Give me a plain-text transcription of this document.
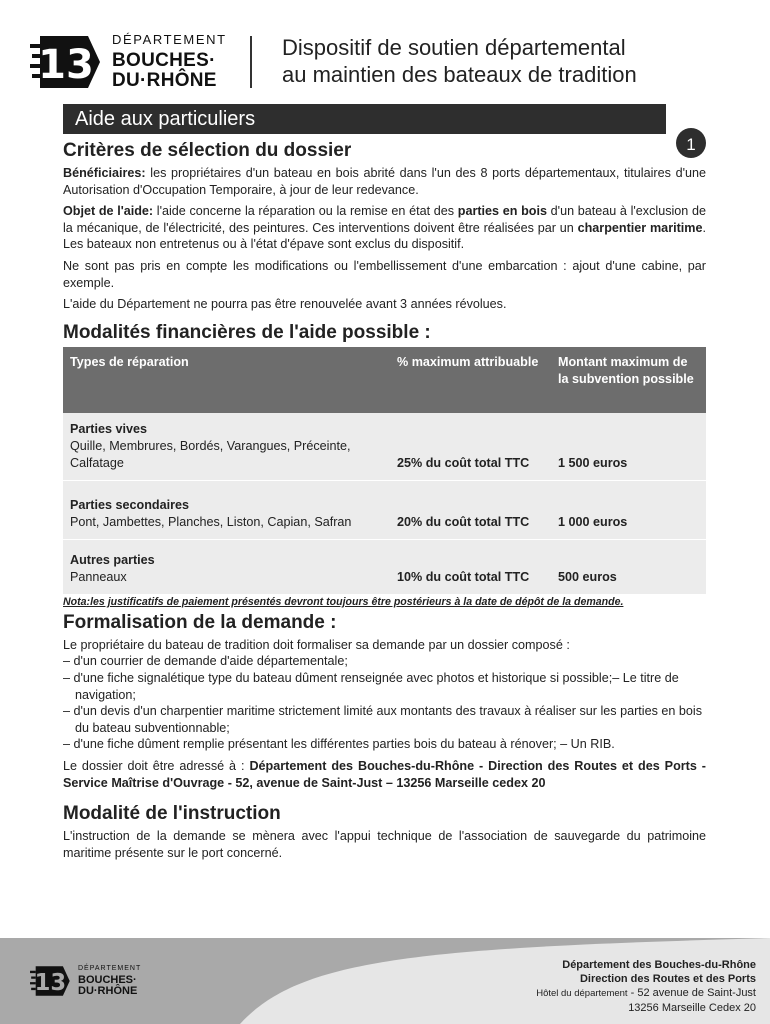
13
DÉPARTEMENT
BOUCHES·
DU·RHÔNE
Dispositif de soutien départemental
au maintien des bateaux de tradition
Aide aux particuliers
1
Critères de sélection du dossier

Bénéficiaires: les propriétaires d'un bateau en bois abrité dans l'un des 8 ports départementaux, titulaires d'une Autorisation d'Occupation Temporaire, à jour de leur redevance.

Objet de l'aide: l'aide concerne la réparation ou la remise en état des parties en bois d'un bateau à l'exclusion de la mécanique, de l'électricité, des peintures. Ces interventions doivent être réalisées par un charpentier maritime. Les bateaux non entretenus ou à l'état d'épave sont exclus du dispositif.

Ne sont pas pris en compte les modifications ou l'embellissement d'une embarcation : ajout d'une cabine, par exemple.

L'aide du Département ne pourra pas être renouvelée avant 3 années révolues.

Modalités financières de l'aide possible :
Types de réparation	% maximum attribuable	Montant maximum de la subvention possible
Parties vives
Quille, Membrures, Bordés, Varangues, Préceinte, Calfatage	25% du coût total TTC	1 500 euros
Parties secondaires
Pont, Jambettes, Planches, Liston, Capian, Safran	20% du coût total TTC	1 000 euros
Autres parties
Panneaux	10% du coût total TTC	500 euros
Nota:les justificatifs de paiement présentés devront toujours être postérieurs à la date de dépôt de la demande.
Formalisation de la demande :

Le propriétaire du bateau de tradition doit formaliser sa demande par un dossier composé :

– d'un courrier de demande d'aide départementale;
– d'une fiche signalétique type du bateau dûment renseignée avec photos et historique si possible;– Le titre de navigation;
– d'un devis d'un charpentier maritime strictement limité aux montants des travaux à réaliser sur les parties en bois du bateau subventionnable;
– d'une fiche dûment remplie présentant les différentes parties bois du bateau à rénover; – Un RIB.

Le dossier doit être adressé à : Département des Bouches-du-Rhône - Direction des Routes et des Ports - Service Maîtrise d'Ouvrage - 52, avenue de Saint-Just – 13256 Marseille cedex 20

Modalité de l'instruction

L'instruction de la demande se mènera avec l'appui technique de l'association de sauvegarde du patrimoine maritime présente sur le port concerné.

13
DÉPARTEMENT
BOUCHES·
DU·RHÔNE
Département des Bouches-du-Rhône
Direction des Routes et des Ports
Hôtel du département - 52 avenue de Saint-Just
13256 Marseille Cedex 20
